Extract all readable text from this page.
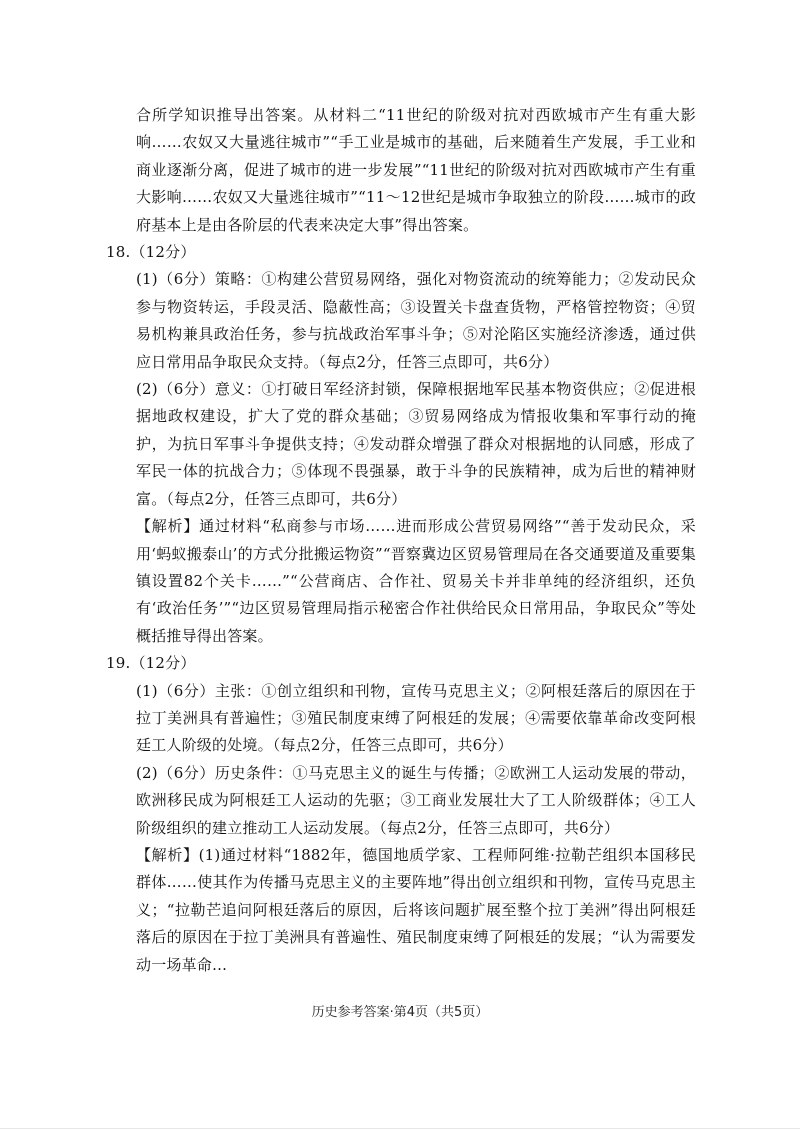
合所学知识推导出答案。从材料二“11世纪的阶级对抗对西欧城市产生有重大影响……农奴又大量逃往城市”“手工业是城市的基础，后来随着生产发展，手工业和商业逐渐分离，促进了城市的进一步发展”“11世纪的阶级对抗对西欧城市产生有重大影响……农奴又大量逃往城市”“11～12世纪是城市争取独立的阶段……城市的政府基本上是由各阶层的代表来决定大事”得出答案。

18.（12分）

(1)（6分）策略：①构建公营贸易网络，强化对物资流动的统筹能力；②发动民众参与物资转运，手段灵活、隐蔽性高；③设置关卡盘查货物，严格管控物资；④贸易机构兼具政治任务，参与抗战政治军事斗争；⑤对沦陷区实施经济渗透，通过供应日常用品争取民众支持。（每点2分，任答三点即可，共6分）

(2)（6分）意义：①打破日军经济封锁，保障根据地军民基本物资供应；②促进根据地政权建设，扩大了党的群众基础；③贸易网络成为情报收集和军事行动的掩护，为抗日军事斗争提供支持；④发动群众增强了群众对根据地的认同感，形成了军民一体的抗战合力；⑤体现不畏强暴，敢于斗争的民族精神，成为后世的精神财富。（每点2分，任答三点即可，共6分）

【解析】通过材料“私商参与市场……进而形成公营贸易网络”“善于发动民众，采用‘蚂蚁搬泰山’的方式分批搬运物资”“晋察冀边区贸易管理局在各交通要道及重要集镇设置82个关卡……”“公营商店、合作社、贸易关卡并非单纯的经济组织，还负有‘政治任务’”“边区贸易管理局指示秘密合作社供给民众日常用品，争取民众”等处概括推导得出答案。

19.（12分）

(1)（6分）主张：①创立组织和刊物，宣传马克思主义；②阿根廷落后的原因在于拉丁美洲具有普遍性；③殖民制度束缚了阿根廷的发展；④需要依靠革命改变阿根廷工人阶级的处境。（每点2分，任答三点即可，共6分）

(2)（6分）历史条件：①马克思主义的诞生与传播；②欧洲工人运动发展的带动，欧洲移民成为阿根廷工人运动的先驱；③工商业发展壮大了工人阶级群体；④工人阶级组织的建立推动工人运动发展。（每点2分，任答三点即可，共6分）

【解析】(1)通过材料“1882年，德国地质学家、工程师阿维·拉勒芒组织本国移民群体……使其作为传播马克思主义的主要阵地”得出创立组织和刊物，宣传马克思主义；“拉勒芒追问阿根廷落后的原因，后将该问题扩展至整个拉丁美洲”得出阿根廷落后的原因在于拉丁美洲具有普遍性、殖民制度束缚了阿根廷的发展；“认为需要发动一场革命…

历史参考答案·第4页（共5页）
